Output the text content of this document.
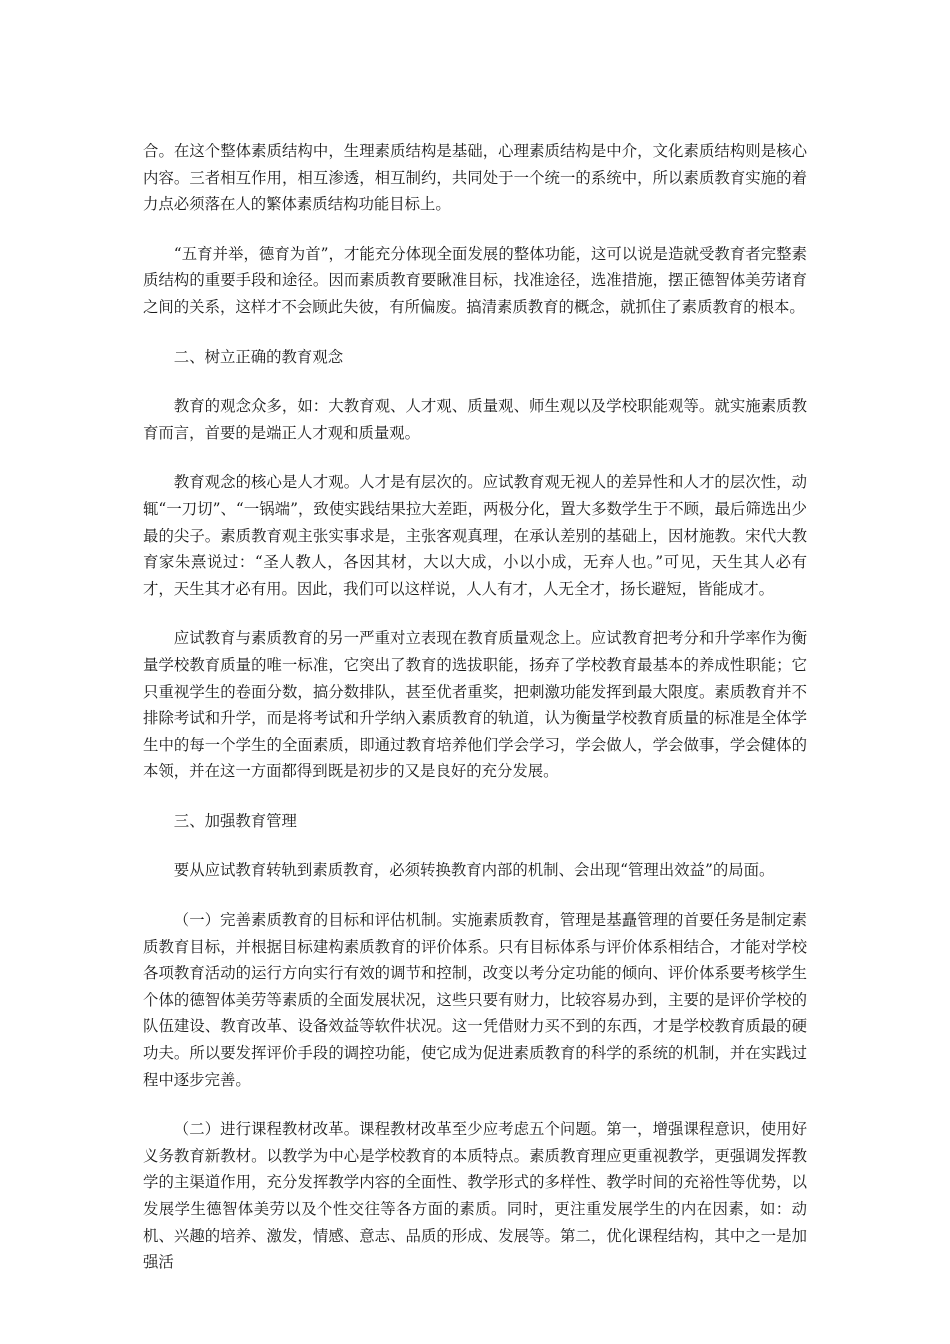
合。在这个整体素质结构中，生理素质结构是基础，心理素质结构是中介，文化素质结构则是核心内容。三者相互作用，相互渗透，相互制约，共同处于一个统一的系统中，所以素质教育实施的着力点必须落在人的繁体素质结构功能目标上。

“五育并举，德育为首”，才能充分体现全面发展的整体功能，这可以说是造就受教育者完整素质结构的重要手段和途径。因而素质教育要瞅准目标，找准途径，选准措施，摆正德智体美劳诸育之间的关系，这样才不会顾此失彼，有所偏废。搞清素质教育的概念，就抓住了素质教育的根本。

二、树立正确的教育观念

教育的观念众多，如：大教育观、人才观、质量观、师生观以及学校职能观等。就实施素质教育而言，首要的是端正人才观和质量观。

教育观念的核心是人才观。人才是有层次的。应试教育观无视人的差异性和人才的层次性，动辄“一刀切”、“一锅端”，致使实践结果拉大差距，两极分化，置大多数学生于不顾，最后筛选出少最的尖子。素质教育观主张实事求是，主张客观真理，在承认差别的基础上，因材施教。宋代大教育家朱熹说过：“圣人教人，各因其材，大以大成，小以小成，无弃人也。”可见，天生其人必有才，天生其才必有用。因此，我们可以这样说，人人有才，人无全才，扬长避短，皆能成才。

应试教育与素质教育的另一严重对立表现在教育质量观念上。应试教育把考分和升学率作为衡量学校教育质量的唯一标准，它突出了教育的选拔职能，扬弃了学校教育最基本的养成性职能；它只重视学生的卷面分数，搞分数排队，甚至优者重奖，把刺激功能发挥到最大限度。素质教育并不排除考试和升学，而是将考试和升学纳入素质教育的轨道，认为衡量学校教育质量的标准是全体学生中的每一个学生的全面素质，即通过教育培养他们学会学习，学会做人，学会做事，学会健体的本领，并在这一方面都得到既是初步的又是良好的充分发展。

三、加强教育管理

要从应试教育转轨到素质教育，必须转换教育内部的机制、会出现“管理出效益”的局面。

（一）完善素质教育的目标和评估机制。实施素质教育，管理是基矗管理的首要任务是制定素质教育目标，并根据目标建构素质教育的评价体系。只有目标体系与评价体系相结合，才能对学校各项教育活动的运行方向实行有效的调节和控制，改变以考分定功能的倾向、评价体系要考核学生个体的德智体美劳等素质的全面发展状况，这些只要有财力，比较容易办到，主要的是评价学校的队伍建设、教育改革、设备效益等软件状况。这一凭借财力买不到的东西，才是学校教育质最的硬功夫。所以要发挥评价手段的调控功能，使它成为促进素质教育的科学的系统的机制，并在实践过程中逐步完善。

（二）进行课程教材改革。课程教材改革至少应考虑五个问题。第一，增强课程意识，使用好义务教育新教材。以教学为中心是学校教育的本质特点。素质教育理应更重视教学，更强调发挥教学的主渠道作用，充分发挥教学内容的全面性、教学形式的多样性、教学时间的充裕性等优势，以发展学生德智体美劳以及个性交往等各方面的素质。同时，更注重发展学生的内在因素，如：动机、兴趣的培养、激发，情感、意志、品质的形成、发展等。第二，优化课程结构，其中之一是加强活
